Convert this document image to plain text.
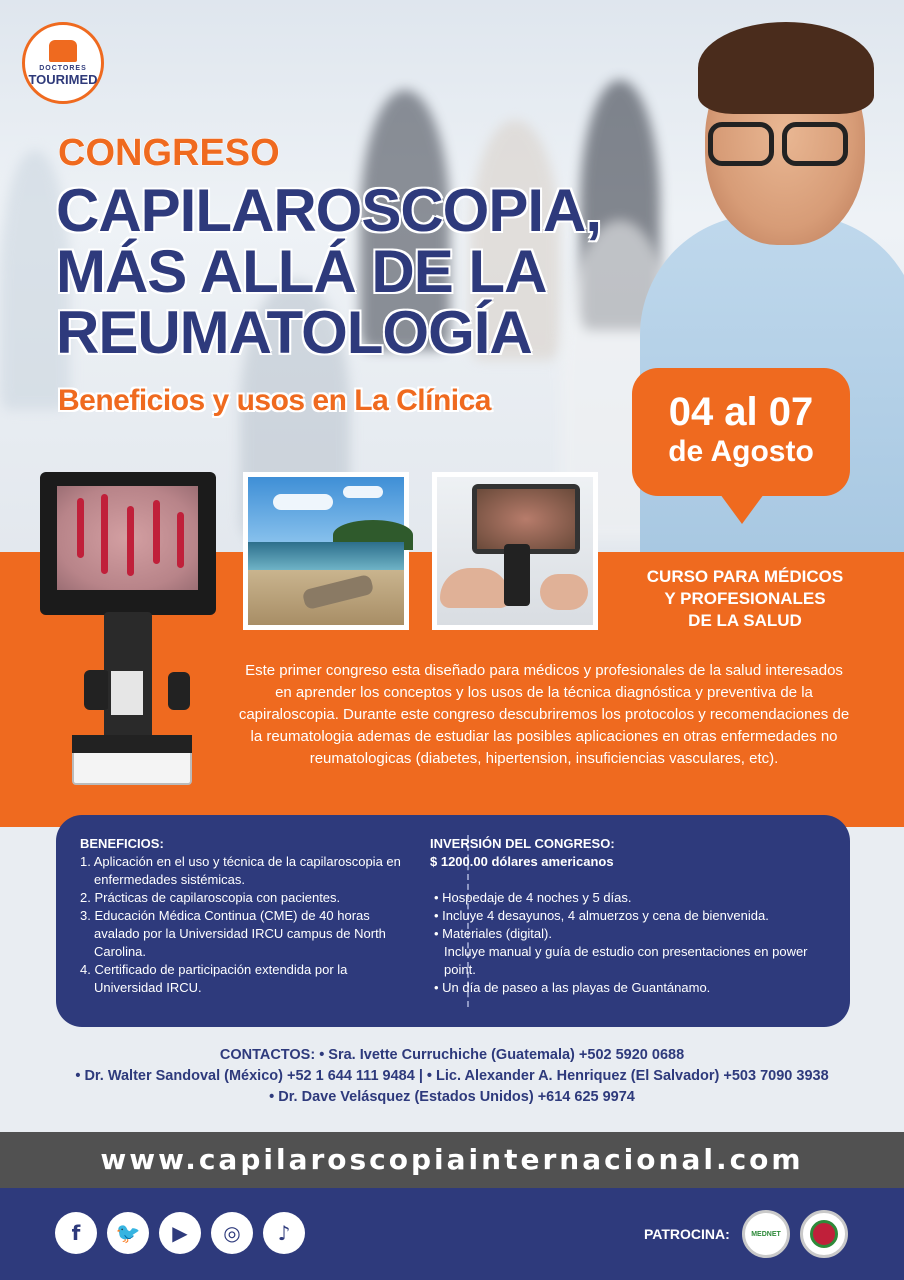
DOCTORES
TOURIMED
CONGRESO
CAPILAROSCOPIA,
MÁS ALLÁ DE LA
REUMATOLOGÍA
Beneficios y usos en La Clínica	04 al 07
de Agosto
CURSO PARA MÉDICOS
Y PROFESIONALES
DE LA SALUD
Este primer congreso esta diseñado para médicos y profesionales de la salud interesados en aprender los conceptos y los usos de la técnica diagnóstica y preventiva de la capiraloscopia. Durante este congreso descubriremos los protocolos y recomendaciones de la reumatologia ademas de estudiar las posibles aplicaciones en otras enfermedades no reumatologicas (diabetes, hipertension, insuficiencias vasculares, etc).
BENEFICIOS:
1. Aplicación en el uso y técnica de la capilaroscopia en enfermedades sistémicas.
2. Prácticas de capilaroscopia con pacientes.
3. Educación Médica Continua (CME) de 40 horas avalado por la Universidad IRCU campus de North Carolina.
4. Certificado de participación extendida por la Universidad IRCU.
INVERSIÓN DEL CONGRESO:
$ 1200.00 dólares americanos
• Hospedaje de 4 noches y 5 días.
• Incluye 4 desayunos, 4 almuerzos y cena de bienvenida.
• Materiales (digital).
Incluye manual y guía de estudio con presentaciones en power point.
• Un día de paseo a las playas de Guantánamo.
CONTACTOS: • Sra. Ivette Curruchiche (Guatemala) +502 5920 0688
• Dr. Walter Sandoval (México) +52 1 644 111 9484 | • Lic. Alexander A. Henriquez (El Salvador) +503 7090 3938
• Dr. Dave Velásquez (Estados Unidos) +614 625 9974
www.capilaroscopiainternacional.com
f	🐦	▶	◎	♪	PATROCINA:	MEDNET
